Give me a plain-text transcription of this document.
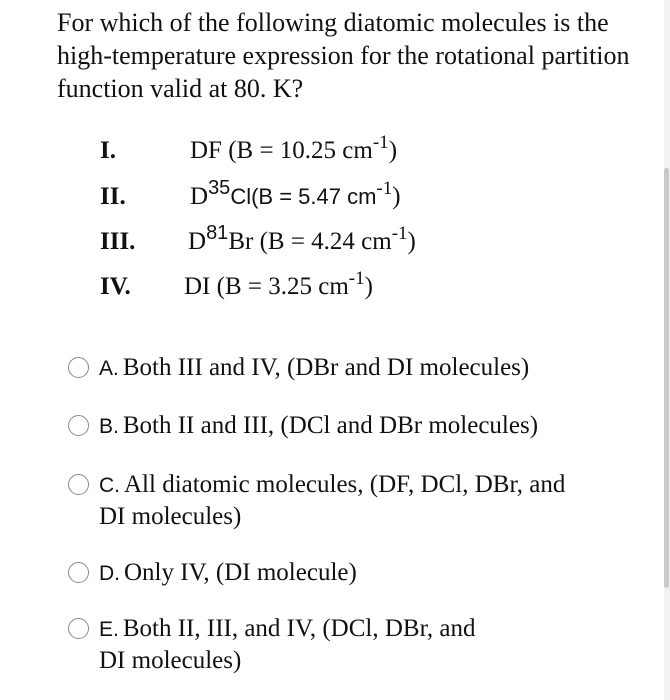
For which of the following diatomic molecules is the high-temperature expression for the rotational partition function valid at 80. K?
I.	DF (B = 10.25 $cm^{-1}$)
II.	$D^{35}Cl(B = 5.47$ $cm^{-1}$)
III. $D^{81}Br$ (B = 4.24 $cm^{-1}$)
IV. DI (B = 3.25 $cm^{-1}$)
A. Both III and IV, (DBr and DI molecules)
B. Both II and III, (DCl and DBr molecules)
C. All diatomic molecules, (DF, DCl, DBr, and
DI molecules)
D. Only IV, (DI molecule)
E. Both II, III, and IV, (DCl, DBr, and
DI molecules)
